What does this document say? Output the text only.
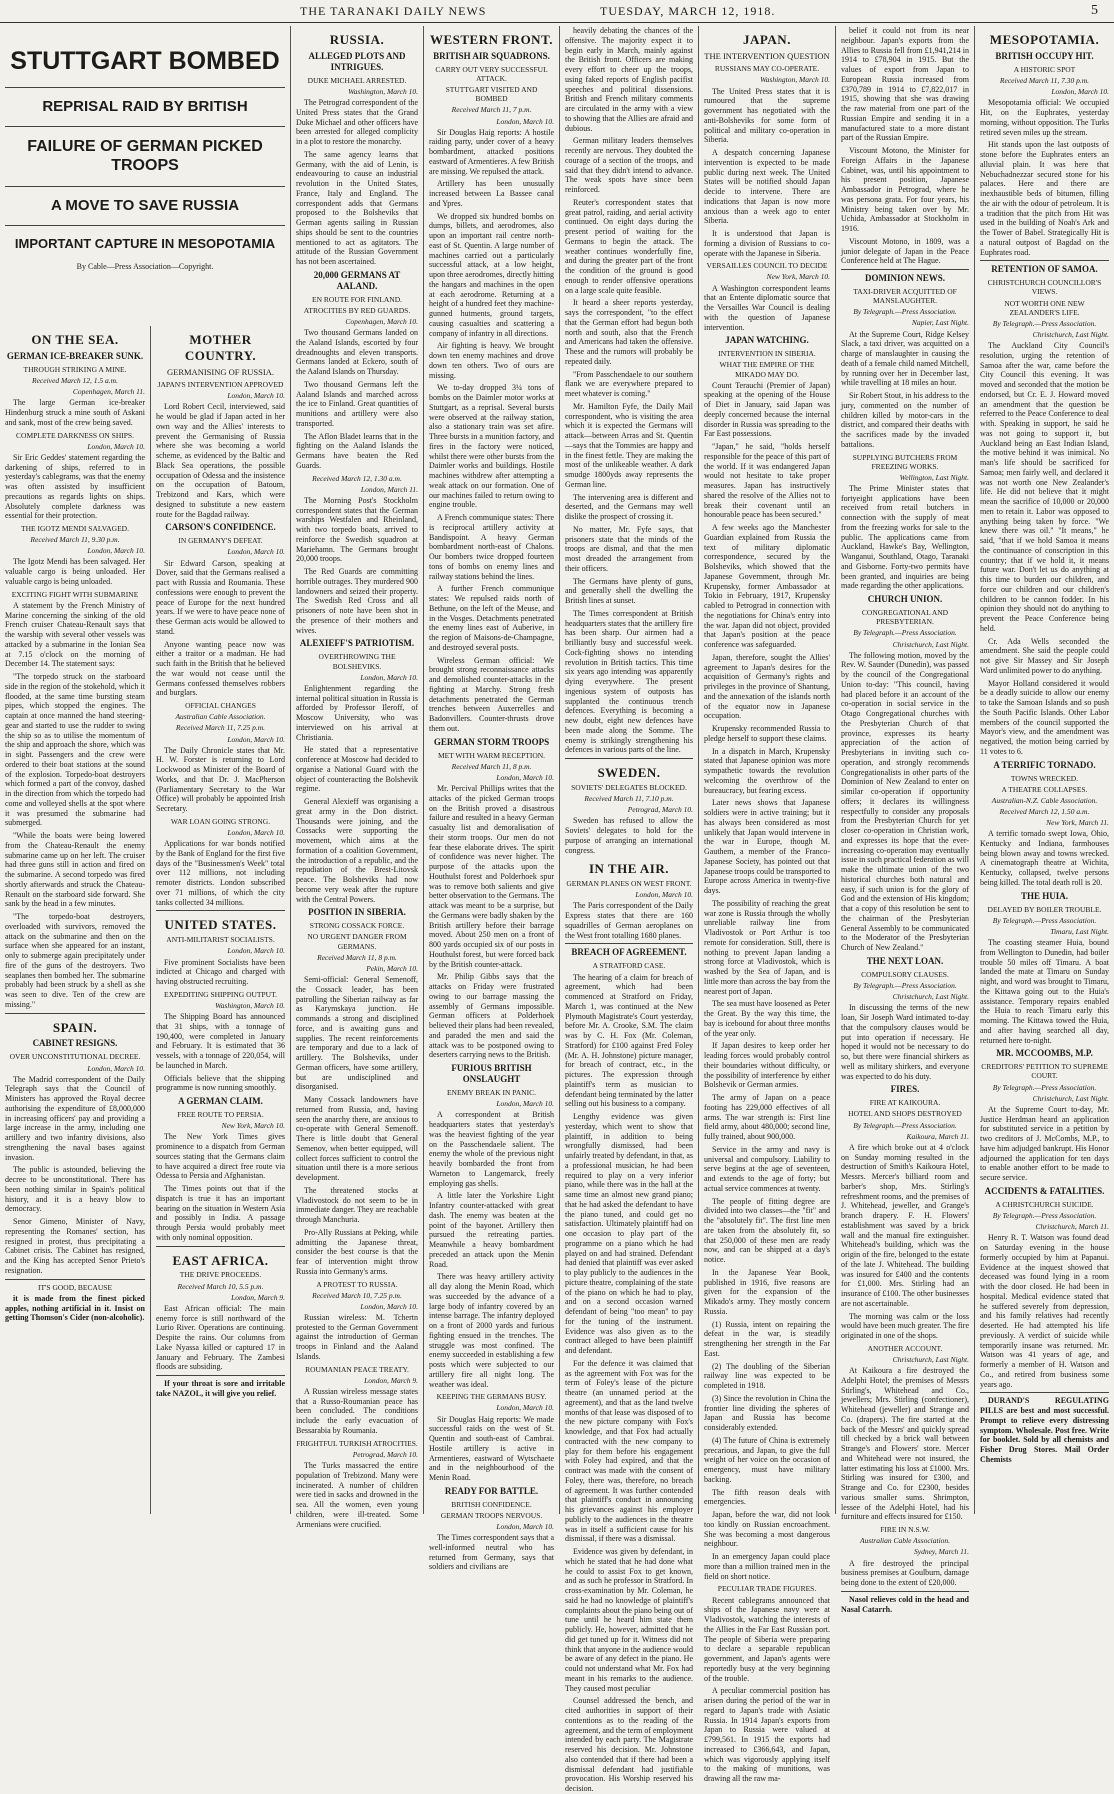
THE TARANAKI DAILY NEWS	TUESDAY, MARCH 12, 1918.	5
STUTTGART BOMBED
REPRISAL RAID BY BRITISH
FAILURE OF GERMAN PICKED TROOPS
A MOVE TO SAVE RUSSIA
IMPORTANT CAPTURE IN MESOPOTAMIA
By Cable—Press Association—Copyright.
ON THE SEA.
GERMAN ICE-BREAKER SUNK.
THROUGH STRIKING A MINE.
Received March 12, 1.5 a.m.
Copenhagen, March 11.

The large German ice-breaker Hindenburg struck a mine south of Askani and sank, most of the crew being saved.

COMPLETE DARKNESS ON SHIPS.
London, March 10.

Sir Eric Geddes' statement regarding the darkening of ships, referred to in yesterday's cablegrams, was that the enemy was often assisted by insufficient precautions as regards lights on ships. Absolutely complete darkness was essential for their protection.

THE IGOTZ MENDI SALVAGED.
Received March 11, 9.30 p.m.
London, March 10.

The Igotz Mendi has been salvaged. Her valuable cargo is being unloaded. Her valuable cargo is being unloaded.

EXCITING FIGHT WITH SUBMARINE

A statement by the French Ministry of Marine concerning the sinking of the old French cruiser Chateau-Renault says that the warship with several other vessels was attacked by a submarine in the Ionian Sea at 7.15 o'clock on the morning of December 14. The statement says:

"The torpedo struck on the starboard side in the region of the stokehold, which it flooded, at the same time bursting steam pipes, which stopped the engines. The captain at once manned the hand steering-gear and started to use the rudder to swing the ship so as to utilise the momentum of the ship and approach the shore, which was in sight. Passengers and the crew were ordered to their boat stations at the sound of the explosion. Torpedo-boat destroyers which formed a part of the convoy, dashed in the direction from which the torpedo had come and volleyed shells at the spot where it was presumed the submarine had submerged.

"While the boats were being lowered from the Chateau-Renault the enemy submarine came up on her left. The cruiser had three guns still in action and fired on the submarine. A second torpedo was fired shortly afterwards and struck the Chateau-Renault on the starboard side forward. She sank by the head in a few minutes.

"The torpedo-boat destroyers, overloaded with survivors, removed the attack on the submarine and then on the surface when she appeared for an instant, only to submerge again precipitately under fire of the guns of the destroyers. Two seaplanes then bombed her. The submarine probably had been struck by a shell as she was seen to dive. Ten of the crew are missing."

SPAIN.
CABINET RESIGNS.
OVER UNCONSTITUTIONAL DECREE.
London, March 10.

The Madrid correspondent of the Daily Telegraph says that the Council of Ministers has approved the Royal decree authorising the expenditure of £8,000,000 in increasing officers' pay and providing a large increase in the army, including one artillery and two infantry divisions, also strengthening the naval bases against invasion.

The public is astounded, believing the decree to be unconstitutional. There has been nothing similar in Spain's political history, and it is a heavy blow to democracy.

Senor Gimeno, Minister of Navy, representing the Romanes' section, has resigned in protest, thus precipitating a Cabinet crisis. The Cabinet has resigned, and the King has accepted Senor Prieto's resignation.

IT'S GOOD, BECAUSE

it is made from the finest picked apples, nothing artificial in it. Insist on getting Thomson's Cider (non-alcoholic).

MOTHER COUNTRY.
GERMANISING OF RUSSIA.
JAPAN'S INTERVENTION APPROVED
London, March 10.

Lord Robert Cecil, interviewed, said he would be glad if Japan acted in her own way and the Allies' interests to prevent the Germanising of Russia where she was becoming a world scheme, as evidenced by the Baltic and Black Sea operations, the possible occupation of Odessa and the insistence on the occupation of Batoum, Trebizond and Kars, which were designed to substitute a new eastern route for the Bagdad railway.

CARSON'S CONFIDENCE.
IN GERMANY'S DEFEAT.
London, March 10.

Sir Edward Carson, speaking at Dover, said that the Germans realised a pact with Russia and Roumania. These confessions were enough to prevent the peace of Europe for the next hundred years. If we were to have peace none of these German acts would be allowed to stand.

Anyone wanting peace now was either a traitor or a madman. He had such faith in the British that he believed the war would not cease until the Germans confessed themselves robbers and burglars.

OFFICIAL CHANGES
Australian Cable Association.
Received March 11, 7.25 p.m.
London, March 10.

The Daily Chronicle states that Mr. H. W. Forster is returning to Lord Lockwood as Minister of the Board of Works, and that Dr. J. MacPherson (Parliamentary Secretary to the War Office) will probably be appointed Irish Secretary.

WAR LOAN GOING STRONG.
London, March 10.

Applications for war bonds notified by the Bank of England for the first five days of the "Businessmen's Week" total over 112 millions, not including remoter districts. London subscribed over 71 millions, of which the city tanks collected 34 millions.

UNITED STATES.
ANTI-MILITARIST SOCIALISTS.
London, March 10.

Five prominent Socialists have been indicted at Chicago and charged with having obstructed recruiting.

EXPEDITING SHIPPING OUTPUT.
Washington, March 10.

The Shipping Board has announced that 31 ships, with a tonnage of 190,400, were completed in January and February. It is estimated that 36 vessels, with a tonnage of 220,054, will be launched in March.

Officials believe that the shipping programme is now running smoothly.

A GERMAN CLAIM.
FREE ROUTE TO PERSIA.
New York, March 10.

The New York Times gives prominence to a dispatch from German sources stating that the Germans claim to have acquired a direct free route via Odessa to Persia and Afghanistan.

The Times points out that if the dispatch is true it has an important bearing on the situation in Western Asia and possibly in India. A passage through Persia would probably meet with only nominal opposition.

EAST AFRICA.
THE DRIVE PROCEEDS.
Received March 10, 5.5 p.m.
London, March 9.

East African official: The main enemy force is still northward of the Lurio River. Operations are continuing. Despite the rains. Our columns from Lake Nyassa killed or captured 17 in January and February. The Zambesi floods are subsiding.

If your throat is sore and irritable take NAZOL, it will give you relief.

RUSSIA.
ALLEGED PLOTS AND INTRIGUES.
DUKE MICHAEL ARRESTED.
Washington, March 10.

The Petrograd correspondent of the United Press states that the Grand Duke Michael and other officers have been arrested for alleged complicity in a plot to restore the monarchy.

The same agency learns that Germany, with the aid of Lenin, is endeavouring to cause an industrial revolution in the United States, France, Italy and England. The correspondent adds that Germans proposed to the Bolsheviks that German agents sailing in Russian ships should be sent to the countries mentioned to act as agitators. The attitude of the Russian Government has not been ascertained.

20,000 GERMANS AT AALAND.
EN ROUTE FOR FINLAND.
ATROCITIES BY RED GUARDS.
Copenhagen, March 10.

Two thousand Germans landed on the Aaland Islands, escorted by four dreadnoughts and eleven transports. Germans landed at Eckero, south of the Aaland Islands on Thursday.

Two thousand Germans left the Aaland Islands and marched across the ice to Finland. Great quantities of munitions and artillery were also transported.

The Aflon Bladet learns that in the fighting on the Aaland Islands the Germans have beaten the Red Guards.

Received March 12, 1.30 a.m.
London, March 11.

The Morning Post's Stockholm correspondent states that the German warships Westfalen and Rheinland, with two torpedo boats, arrived to reinforce the Swedish squadron at Mariehamn. The Germans brought 20,000 troops.

The Red Guards are committing horrible outrages. They murdered 900 landowners and seized their property. The Swedish Red Cross and all prisoners of note have been shot in the presence of their mothers and wives.

ALEXIEFF'S PATRIOTISM.
OVERTHROWING THE BOLSHEVIKS.
London, March 10.

Enlightenment regarding the internal political situation in Russia is afforded by Professor Ileroff, of Moscow University, who was interviewed on his arrival at Christiania.

He stated that a representative conference at Moscow had decided to organise a National Guard with the object of counteracting the Bolshevik regime.

General Alexieff was organising a great army in the Don district. Thousands were joining, and the Cossacks were supporting the movement, which aims at the formation of a coalition Government, the introduction of a republic, and the repudiation of the Brest-Litovsk peace. The Bolsheviks had now become very weak after the rupture with the Central Powers.

POSITION IN SIBERIA.
STRONG COSSACK FORCE.
NO URGENT DANGER FROM GERMANS.
Received March 11, 8 p.m.
Pekin, March 10.

Semi-official: General Semenoff, the Cossack leader, has been patrolling the Siberian railway as far as Karymskaya junction. He commands a strong and disciplined force, and is awaiting guns and supplies. The recent reinforcements are temporary and due to a lack of artillery. The Bolsheviks, under German officers, have some artillery, but are undisciplined and disorganised.

Many Cossack landowners have returned from Russia, and, having seen the anarchy there, are anxious to co-operate with General Semenoff. There is little doubt that General Semenov, when better equipped, will collect forces sufficient to control the situation until there is a more serious development.

The threatened stocks at Vladivostock do not seem to be in immediate danger. They are reachable through Manchuria.

Pro-Ally Russians at Peking, while admitting the Japanese threat, consider the best course is that the fear of intervention might throw Russia into Germany's arms.

A PROTEST TO RUSSIA.
Received March 10, 7.25 p.m.
London, March 10.

Russian wireless: M. Tchertn protested to the German Government against the introduction of German troops in Finland and the Aaland Islands.

ROUMANIAN PEACE TREATY.
London, March 9.

A Russian wireless message states that a Russo-Roumanian peace has been concluded. The conditions include the early evacuation of Bessarabia by Roumania.

FRIGHTFUL TURKISH ATROCITIES.
Petrograd, March 10.

The Turks massacred the entire population of Trebizond. Many were incinerated. A number of children were tied in sacks and drowned in the sea. All the women, even young children, were ill-treated. Some Armenians were crucified.

WESTERN FRONT.
BRITISH AIR SQUADRONS.
CARRY OUT VERY SUCCESSFUL ATTACK.
STUTTGART VISITED AND BOMBED
Received March 11, 7 p.m.
London, March 10.

Sir Douglas Haig reports: A hostile raiding party, under cover of a heavy bombardment, attacked positions eastward of Armentieres. A few British are missing. We repulsed the attack.

Artillery has been unusually increased between La Bassee canal and Ypres.

We dropped six hundred bombs on dumps, billets, and aerodromes, also upon an important rail centre north-east of St. Quentin. A large number of machines carried out a particularly successful attack, at a low height, upon three aerodromes, directly hitting the hangars and machines in the open at each aerodrome. Returning at a height of a hundred feet they machine-gunned hutments, ground targets, causing casualties and scattering a company of infantry in all directions.

Air fighting is heavy. We brought down ten enemy machines and drove down ten others. Two of ours are missing.

We to-day dropped 3¼ tons of bombs on the Daimler motor works at Stuttgart, as a reprisal. Several bursts were observed at the railway station, also a stationary train was set afire. Three bursts in a munition factory, and fires in the factory were noticed, whilst there were other bursts from the Daimler works and buildings. Hostile machines withdrew after attempting a weak attack on our formation. One of our machines failed to return owing to engine trouble.

A French communique states: There is reciprocal artillery activity at Bandispoint. A heavy German bombardment north-east of Chalons. Our bombers twice dropped fourteen tons of bombs on enemy lines and railway stations behind the lines.

A further French communique states: We repulsed raids north of Bethune, on the left of the Meuse, and in the Vosges. Detachments penetrated the enemy lines east of Auberive, in the region of Maisons-de-Champagne, and destroyed several posts.

Wireless German official: We brought strong reconnaissance attacks and demolished counter-attacks in the fighting at Marchy. Strong fresh detachments penetrated the German trenches between Auxerrelles and Badonvillers. Counter-thrusts drove them out.

GERMAN STORM TROOPS
MET WITH WARM RECEPTION.
Received March 11, 8 p.m.
London, March 10.

Mr. Percival Phillips writes that the attacks of the picked German troops on the British proved a disastrous failure and resulted in a heavy German casualty list and demoralisation of their storm troops. Our men do not fear these elaborate drives. The spirit of confidence was never higher. The purpose of the attacks upon the Houthulst forest and Polderhoek spur was to remove both salients and give better observation to the Germans. The attack was meant to be a surprise, but the Germans were badly shaken by the British artillery before their barrage moved. About 250 men on a front of 800 yards occupied six of our posts in Houthulst forest, but were forced back by the British counter-attack.

Mr. Philip Gibbs says that the attacks on Friday were frustrated owing to our barrage massing the assembly of Germans impossible. German officers at Polderhoek believed their plans had been revealed, and paraded the men and said the attack was to be postponed owing to deserters carrying news to the British.

FURIOUS BRITISH ONSLAUGHT
ENEMY BREAK IN PANIC.
London, March 10.

A correspondent at British headquarters states that yesterday's was the heaviest fighting of the year on the Passchendaele salient. The enemy the whole of the previous night heavily bombarded the front from Warneton to Langemarck, freely employing gas shells.

A little later the Yorkshire Light Infantry counter-attacked with great dash. The enemy was beaten at the point of the bayonet. Artillery then pursued the retreating parties. Meanwhile a heavy bombardment preceded an attack upon the Menin Road.

There was heavy artillery activity all day along the Menin Road, which was succeeded by the advance of a large body of infantry covered by an intense barrage. The infantry deployed on a front of 2000 yards and furious fighting ensued in the trenches. The struggle was most confined. The enemy succeeded in establishing a few posts which were subjected to our artillery fire all night long. The weather was ideal.

KEEPING THE GERMANS BUSY.
London, March 10.

Sir Douglas Haig reports: We made successful raids on the west of St. Quentin and south-east of Cambrai. Hostile artillery is active in Armentieres, eastward of Wytschaete and in the neighbourhood of the Menin Road.

READY FOR BATTLE.
BRITISH CONFIDENCE.
GERMAN TROOPS NERVOUS.
London, March 10.

The Times correspondent says that a well-informed neutral who has returned from Germany, says that soldiers and civilians are

heavily debating the chances of the offensive. The majority expect it to begin early in March, mainly against the British front. Officers are making every effort to cheer up the troops, using faked reports of English pacifist speeches and political dissensions. British and French military comments are circulated in the army with a view to showing that the Allies are afraid and dubious.

German military leaders themselves recently are nervous. They doubted the courage of a section of the troops, and said that they didn't intend to advance. The weak spots have since been reinforced.

Reuter's correspondent states that great patrol, raiding, and aerial activity continued. On eight days during the present period of waiting for the Germans to begin the attack. The weather continues wonderfully fine, and during the greater part of the front the condition of the ground is good enough to render offensive operations on a large scale quite feasible.

It heard a sheer reports yesterday, says the correspondent, "to the effect that the German effort had begun both north and south, also that the French and Americans had taken the offensive. These and the rumors will probably be repeated daily.

"From Passchendaele to our southern flank we are everywhere prepared to meet whatever is coming."

Mr. Hamilton Fyfe, the Daily Mail correspondent, who is visiting the area which it is expected the Germans will attack—between Arras and St. Quentin—says that the Tommies are happy and in the finest fettle. They are making the most of the unlikeable weather. A dark smudge 1800yds away represents the German line.

The intervening area is different and deserted, and the Germans may well dislike the prospect of crossing it.

No matter, Mr. Fyfe says, that prisoners state that the minds of the troops are dismal, and that the men most dreaded the arrangement from their officers.

The Germans have plenty of guns, and generally shell the dwelling the British lines at sunset.

The Times correspondent at British headquarters states that the artillery fire has been sharp. Our airmen had a brilliantly busy and successful week. Cock-fighting shows no intending revolution in British tactics. This time six years ago intending was apparently dying everywhere. The present ingenious system of outposts has supplanted the continuous trench defences. Everything is becoming a new doubt, eight new defences have been made along the Somme. The enemy is strikingly strengthening his defences in various parts of the line.

SWEDEN.
SOVIETS' DELEGATES BLOCKED.
Received March 11, 7.10 p.m.
Petrograd, March 10.

Sweden has refused to allow the Soviets' delegates to hold for the purpose of arranging an international congress.

IN THE AIR.
GERMAN PLANES ON WEST FRONT.
London, March 10.

The Paris correspondent of the Daily Express states that there are 160 squadrilles of German aeroplanes on the West front totalling 1680 planes.

BREACH OF AGREEMENT.
A STRATFORD CASE.

The hearing of a claim for breach of agreement, which had been commenced at Stratford on Friday, March 1, was continued at the New Plymouth Magistrate's Court yesterday, before Mr. A. Crooke, S.M. The claim was by C. H. Fox (Mr. Coleman, Stratford) for £100 against Fred Foley (Mr. A. H. Johnstone) picture manager, for breach of contract, etc., in the pictures. The expression through plaintiff's term as musician to defendant being terminated by the latter selling out his business to a company.

Lengthy evidence was given yesterday, which went to show that plaintiff, in addition to being wrongfully dismissed, had been unfairly treated by defendant, in that, as a professional musician, he had been required to play on a very inferior piano, while there was in the hall at the same time an almost new grand piano; that he had asked the defendant to have the piano tuned, and could get no satisfaction. Ultimately plaintiff had on one occasion to play part of the programme on a piano which he had played on and had strained. Defendant had denied that plaintiff was ever asked to play publicly to the audiences in the picture theatre, complaining of the state of the piano on which he had to play, and on a second occasion warned defendant of being "too mean" to pay for the tuning of the instrument. Evidence was also given as to the contract alleged to have been plaintiff and defendant.

For the defence it was claimed that as the agreement with Fox was for the term of Foley's lease of the picture theatre (an unnamed period at the agreement), and that as the land twelve months of that lease was disposed of to the new picture company with Fox's knowledge, and that Fox had actually contracted with the new company to play for them before his engagement with Foley had expired, and that the contract was made with the consent of Foley, there was, therefore, no breach of agreement. It was further contended that plaintiff's conduct in announcing his grievances against his employer publicly to the audiences in the theatre was in itself a sufficient cause for his dismissal, if there was a dismissal.

Evidence was given by defendant, in which he stated that he had done what he could to assist Fox to get known, and as such he professor in Stratford. In cross-examination by Mr. Coleman, he said he had no knowledge of plaintiff's complaints about the piano being out of tune until he heard him state them publicly. He, however, admitted that he did get tuned up for it. Witness did not think that anyone in the audience would be aware of any defect in the piano. He could not understand what Mr. Fox had meant in his remarks to the audience. They caused most peculiar

Counsel addressed the bench, and cited authorities in support of their contentions as to the reading of the agreement, and the term of employment intended by each party. The Magistrate reserved his decision. Mr. Johnstone also contended that if there had been a dismissal defendant had justifiable provocation. His Worship reserved his decision.

JAPAN.
THE INTERVENTION QUESTION
RUSSIANS MAY CO-OPERATE.
Washington, March 10.

The United Press states that it is rumoured that the supreme government has negotiated with the anti-Bolsheviks for some form of political and military co-operation in Siberia.

A despatch concerning Japanese intervention is expected to be made public during next week. The United States will be notified should Japan decide to intervene. There are indications that Japan is now more anxious than a week ago to enter Siberia.

It is understood that Japan is forming a division of Russians to co-operate with the Japanese in Siberia.

VERSAILLES COUNCIL TO DECIDE
New York, March 10.

A Washington correspondent learns that an Entente diplomatic source that the Versailles War Council is dealing with the question of Japanese intervention.

JAPAN WATCHING.
INTERVENTION IN SIBERIA.
WHAT THE EMPIRE OF THE MIKADO MAY DO.

Count Terauchi (Premier of Japan) speaking at the opening of the House of Diet in January, said Japan was deeply concerned because the internal disorder in Russia was spreading to the Far East possessions.

"Japan," he said, "holds herself responsible for the peace of this part of the world. If it was endangered Japan would not hesitate to take proper measures. Japan has instructively shared the resolve of the Allies not to break their covenant until an honourable peace has been secured."

A few weeks ago the Manchester Guardian explained from Russia the text of military diplomatic correspondence, secured by the Bolsheviks, which showed that the Japanese Government, through Mr. Krupensky, former Ambassador at Tokio in February, 1917, Krupensky cabled to Petrograd in connection with the negotiations for China's entry into the war. Japan did not object, provided that Japan's position at the peace conference was safeguarded.

Japan, therefore, sought the Allies' agreement to Japan's desires for the acquisition of Germany's rights and privileges in the province of Shantung, and the annexation of the islands north of the equator now in Japanese occupation.

Krupensky recommended Russia to pledge herself to support these claims.

In a dispatch in March, Krupensky stated that Japanese opinion was more sympathetic towards the revolution welcoming the overthrow of the bureaucracy, but fearing excess.

Later news shows that Japanese soldiers were in active training; but it has always been considered as most unlikely that Japan would intervene in the war in Europe, though M. Gauthem, a member of the Franco-Japanese Society, has pointed out that Japanese troops could be transported to Europe across America in twenty-five days.

The possibility of reaching the great war zone is Russia through the wholly unreliable railway line from Vladivostok or Port Arthur is too remote for consideration. Still, there is nothing to prevent Japan landing a strong force at Vladivostok, which is washed by the Sea of Japan, and is little more than across the bay from the nearest port of Japan.

The sea must have loosened as Peter the Great. By the way this time, the bay is icebound for about three months of the year only.

If Japan desires to keep order her leading forces would probably control their boundaries without difficulty, or the possibility of interference by either Bolshevik or German armies.

The army of Japan on a peace footing has 229,000 effectives of all arms. The war strength is: First line field army, about 480,000; second line, fully trained, about 900,000.

Service in the army and navy is universal and compulsory. Liability to serve begins at the age of seventeen, and extends to the age of forty; but actual service commences at twenty.

The people of fitting degree are divided into two classes—the "fit" and the "absolutely fit". The first line men are taken from the absolutely fit, so that 250,000 of these men are ready now, and can be shipped at a day's notice.

In the Japanese Year Book, published in 1916, five reasons are given for the expansion of the Mikado's army. They mostly concern Russia.

(1) Russia, intent on repairing the defeat in the war, is steadily strengthening her strength in the Far East.

(2) The doubling of the Siberian railway line was expected to be completed in 1918.

(3) Since the revolution in China the frontier line dividing the spheres of Japan and Russia has become considerably extended.

(4) The future of China is extremely precarious, and Japan, to give the full weight of her voice on the occasion of emergency, must have military backing.

The fifth reason deals with emergencies.

Japan, before the war, did not look too kindly on Russian encroachment. She was becoming a most dangerous neighbour.

In an emergency Japan could place more than a million trained men in the field on short notice.

PECULIAR TRADE FIGURES.

Recent cablegrams announced that ships of the Japanese navy were at Vladivostok, watching the interests of the Allies in the Far East Russian port. The people of Siberia were preparing to declare a separable republican government, and Japan's agents were reportedly busy at the very beginning of the trouble.

A peculiar commercial position has arisen during the period of the war in regard to Japan's trade with Asiatic Russia. In 1914 Japan's exports from Japan to Russia were valued at £799,561. In 1915 the exports had increased to £366,643, and Japan, which was vigorously applying itself to the making of munitions, was drawing all the raw ma-

belief it could not from its near neighbour. Japan's exports from the Allies to Russia fell from £1,941,214 in 1914 to £78,904 in 1915. But the values of export from Japan to European Russia increased from £370,789 in 1914 to £7,822,017 in 1915, showing that she was drawing the raw material from one part of the Russian Empire and sending it in a manufactured state to a more distant part of the Russian Empire.

Viscount Motono, the Minister for Foreign Affairs in the Japanese Cabinet, was, until his appointment to his present position, Japanese Ambassador in Petrograd, where he was persona grata. For four years, his Ministry being taken over by Mr. Uchida, Ambassador at Stockholm in 1916.

Viscount Motono, in 1809, was a junior delegate of Japan in the Peace Conference held at The Hague.

DOMINION NEWS.
TAXI-DRIVER ACQUITTED OF MANSLAUGHTER.
By Telegraph.—Press Association.
Napier, Last Night.

At the Supreme Court, Ridge Kelsey Slack, a taxi driver, was acquitted on a charge of manslaughter in causing the death of a female child named Mitchell, by running over her in December last, while travelling at 18 miles an hour.

Sir Robert Stout, in his address to the jury, commented on the number of children killed by motor-cars in the district, and compared their deaths with the sacrifices made by the invaded battalions.

SUPPLYING BUTCHERS FROM FREEZING WORKS.
Wellington, Last Night.

The Prime Minister states that fortyeight applications have been received from retail butchers in connection with the supply of meat from the freezing works for sale to the public. The applications came from Auckland, Hawke's Bay, Wellington, Wanganui, Southland, Otago, Taranaki and Gisborne. Forty-two permits have been granted, and inquiries are being made regarding the other applications.

CHURCH UNION.
CONGREGATIONAL AND PRESBYTERIAN.
By Telegraph.—Press Association.
Christchurch, Last Night.

The following motion, moved by the Rev. W. Saunder (Dunedin), was passed by the council of the Congregational Union to-day: "This council, having had placed before it an account of the co-operation in social service in the Otago Congregational churches with the Presbyterian Church of that province, expresses its hearty appreciation of the action of Presbyterians in inviting such co-operation, and strongly recommends Congregationalists in other parts of the Dominion of New Zealand to enter on similar co-operation if opportunity offers; it declares its willingness respectfully to consider any proposals from the Presbyterian Church for yet closer co-operation in Christian work, and expresses its hope that the ever-increasing co-operation may eventually issue in such practical federation as will make the ultimate union of the two historical churches both natural and easy, if such union is for the glory of God and the extension of His kingdom; that a copy of this resolution be sent to the chairman of the Presbyterian General Assembly to be communicated to the Moderator of the Presbyterian Church of New Zealand."

THE NEXT LOAN.
COMPULSORY CLAUSES.
By Telegraph.—Press Association.
Christchurch, Last Night.

In discussing the terms of the new loan, Sir Joseph Ward intimated to-day that the compulsory clauses would be put into operation if necessary. He hoped it would not be necessary to do so, but there were financial shirkers as well as military shirkers, and everyone was expected to do his duty.

FIRES.
FIRE AT KAIKOURA.
HOTEL AND SHOPS DESTROYED
By Telegraph.—Press Association.
Kaikoura, March 11.

A fire which broke out at 4 o'clock on Sunday morning resulted in the destruction of Smith's Kaikoura Hotel, Messrs. Mercer's billiard room and barber's shop, Mrs. Stirling's refreshment rooms, and the premises of J. Whitehead, jeweller, and Grange's branch drapery. F. H. Flowers' establishment was saved by a brick wall and the manual fire extinguisher. Whitehead's building, which was the origin of the fire, belonged to the estate of the late J. Whitehead. The building was insured for £400 and the contents for £1,000. Mrs. Stirling had an insurance of £100. The other businesses are not ascertainable.

The morning was calm or the loss would have been much greater. The fire originated in one of the shops.

ANOTHER ACCOUNT.
Christchurch, Last Night.

At Kaikoura a fire destroyed the Adelphi Hotel; the premises of Messrs Stirling's, Whitehead and Co., jewellers; Mrs. Stirling (confectioner), Whitehead (jeweller) and Strange and Co. (drapers). The fire started at the back of the Messrs' and quickly spread till checked by a brick wall between Strange's and Flowers' store. Mercer and Whitehead were not insured, the latter estimating his loss at £1000. Mrs. Stirling was insured for £300, and Strange and Co. for £2300, besides various smaller sums. Shrimpton, lessee of the Adelphi Hotel, had his furniture and effects insured for £150.

FIRE IN N.S.W.
Australian Cable Association.
Sydney, March 11.

A fire destroyed the principal business premises at Goulburn, damage being done to the extent of £20,000.

Nasol relieves cold in the head and Nasal Catarrh.

MESOPOTAMIA.
BRITISH OCCUPY HIT.
A HISTORIC SPOT
Received March 11, 7.30 p.m.
London, March 10.

Mesopotamia official: We occupied Hit, on the Euphrates, yesterday morning, without opposition. The Turks retired seven miles up the stream.

Hit stands upon the last outposts of stone before the Euphrates enters an alluvial plain. It was here that Nebuchadnezzar secured stone for his palaces. Here and there are inexhaustible beds of bitumen, filling the air with the odour of petroleum. It is a tradition that the pitch from Hit was used in the building of Noah's Ark and the Tower of Babel. Strategically Hit is a natural outpost of Bagdad on the Euphrates road.

RETENTION OF SAMOA.
CHRISTCHURCH COUNCILLOR'S VIEWS.
NOT WORTH ONE NEW ZEALANDER'S LIFE.
By Telegraph.—Press Association.
Christchurch, Last Night.

The Auckland City Council's resolution, urging the retention of Samoa after the war, came before the City Council this evening. It was moved and seconded that the motion be endorsed, but Cr. E. J. Howard moved an amendment that the question be referred to the Peace Conference to deal with. Speaking in support, he said he was not going to support it, but Auckland being an East Indian Island, the motive behind it was inimical. No man's life should be sacrificed for Samoa; men fairly well, and declared it was not worth one New Zealander's life. He did not believe that it might mean the sacrifice of 10,000 or 20,000 men to retain it. Labor was opposed to anything being taken by force. "We knew there was oil." "It means," he said, "that if we hold Samoa it means the continuance of conscription in this country; that if we hold it, it means future war. Don't let us do anything at this time to burden our children, and force our children and our children's children to be cannon fodder. In his opinion they should not do anything to prevent the Peace Conference being held.

Cr. Ada Wells seconded the amendment. She said the people could not give Sir Massey and Sir Joseph Ward unlimited power to do anything.

Mayor Holland considered it would be a deadly suicide to allow our enemy to take the Samoan Islands and so push the South Pacific Islands. Other Labor members of the council supported the Mayor's view, and the amendment was negatived, the motion being carried by 11 votes to 6.

A TERRIFIC TORNADO.
TOWNS WRECKED.
A THEATRE COLLAPSES.
Australian-N.Z. Cable Association.
Received March 12, 1.50 a.m.
New York, March 11.

A terrific tornado swept Iowa, Ohio, Kentucky and Indiana, farmhouses being blown away and towns wrecked. A cinematograph theatre at Wichita, Kentucky, collapsed, twelve persons being killed. The total death roll is 20.

THE HUIA.
DELAYED BY BOILER TROUBLE.
By Telegraph.—Press Association.
Timaru, Last Night.

The coasting steamer Huia, bound from Wellington to Dunedin, had boiler trouble 50 miles off Timaru. A boat landed the mate at Timaru on Sunday night, and word was brought to Timaru, the Kittawa going out to the Huia's assistance. Temporary repairs enabled the Huia to reach Timaru early this morning. The Kittawa towed the Huia, and after having searched all day, returned here to-night.

MR. MCCOOMBS, M.P.
CREDITORS' PETITION TO SUPREME COURT.
By Telegraph.—Press Association.
Christchurch, Last Night.

At the Supreme Court to-day, Mr. Justice Herdman heard an application for substituted service in a petition by two creditors of J. McCombs, M.P., to have him adjudged bankrupt. His Honor adjourned the application for ten days to enable another effort to be made to secure service.

ACCIDENTS & FATALITIES.
A CHRISTCHURCH SUICIDE.
By Telegraph.—Press Association.
Christchurch, March 11.

Henry R. T. Watson was found dead on Saturday evening in the house formerly occupied by him at Papanui. Evidence at the inquest showed that deceased was found lying in a room with the door closed. He had been in hospital. Medical evidence stated that he suffered severely from depression, and his family relatives had recently deserted. He had attempted his life previously. A verdict of suicide while temporarily insane was returned. Mr. Watson was 41 years of age, and formerly a member of H. Watson and Co., and retired from business some years ago.

DURAND'S REGULATING PILLS are best and most successful. Prompt to relieve every distressing symptom. Wholesale. Post free. Write for booklet. Sold by all chemists and Fisher Drug Stores. Mail Order Chemists
